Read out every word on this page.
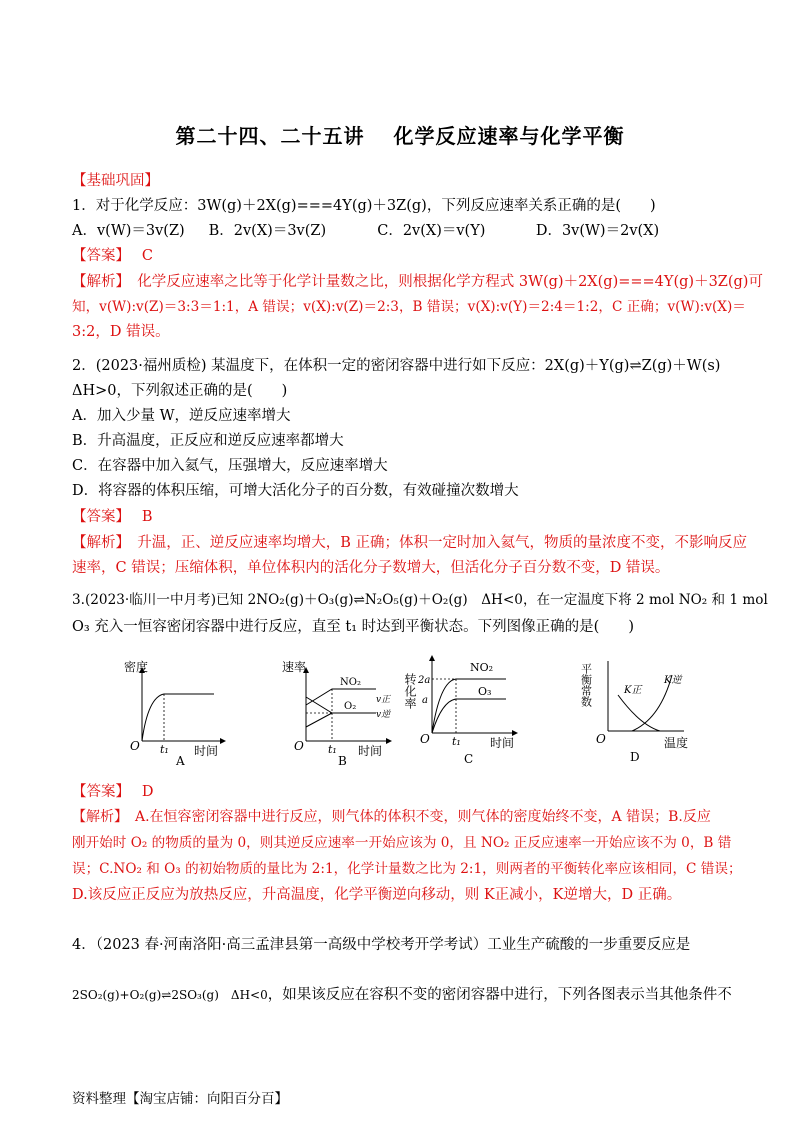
第二十四、二十五讲　 化学反应速率与化学平衡
【基础巩固】
1．对于化学反应：3W(g)＋2X(g)===4Y(g)＋3Z(g)，下列反应速率关系正确的是(　　)
A．v(W)＝3v(Z) B．2v(X)＝3v(Z)	C．2v(X)＝v(Y)	D．3v(W)＝2v(X)
【答案】　 C
【解析】　 化学反应速率之比等于化学计量数之比，则根据化学方程式 3W(g)＋2X(g)===4Y(g)＋3Z(g)可
知，v(W):v(Z)＝3:3＝1:1，A 错误；v(X):v(Z)＝2:3，B 错误；v(X):v(Y)＝2:4＝1:2，C 正确；v(W):v(X)＝
3:2，D 错误。
2．(2023·福州质检) 某温度下，在体积一定的密闭容器中进行如下反应：2X(g)＋Y(g)⇌Z(g)＋W(s)
ΔH>0，下列叙述正确的是(　　)
A．加入少量 W，逆反应速率增大
B．升高温度，正反应和逆反应速率都增大
C．在容器中加入氦气，压强增大，反应速率增大
D．将容器的体积压缩，可增大活化分子的百分数，有效碰撞次数增大
【答案】　 B
【解析】　 升温，正、逆反应速率均增大，B 正确；体积一定时加入氦气，物质的量浓度不变，不影响反应
速率，C 错误；压缩体积，单位体积内的活化分子数增大，但活化分子百分数不变，D 错误。
3.(2023·临川一中月考)已知 2NO₂(g)＋O₃(g)⇌N₂O₅(g)＋O₂(g)　ΔH<0，在一定温度下将 2 mol NO₂ 和 1 mol
O₃ 充入一恒容密闭容器中进行反应，直至 t₁ 时达到平衡状态。下列图像正确的是(　　)
密度
时间
t₁
O
A
速率
时间
NO₂
O₂
v正
v逆
t₁
O
B
转化率
时间
2a
a
NO₂
O₃
t₁
O
C
平衡常数
温度
K正
K逆
O
D
【答案】　 D
【解析】　 A.在恒容密闭容器中进行反应，则气体的体积不变，则气体的密度始终不变，A 错误；B.反应
刚开始时 O₂ 的物质的量为 0，则其逆反应速率一开始应该为 0，且 NO₂ 正反应速率一开始应该不为 0，B 错
误；C.NO₂ 和 O₃ 的初始物质的量比为 2:1，化学计量数之比为 2:1，则两者的平衡转化率应该相同，C 错误；
D.该反应正反应为放热反应，升高温度，化学平衡逆向移动，则 K正减小，K逆增大，D 正确。
4．（2023 春·河南洛阳·高三孟津县第一高级中学校考开学考试）工业生产硫酸的一步重要反应是
2SO₂(g)+O₂(g)⇌2SO₃(g)　ΔH<0，如果该反应在容积不变的密闭容器中进行，下列各图表示当其他条件不
资料整理【淘宝店铺：向阳百分百】
